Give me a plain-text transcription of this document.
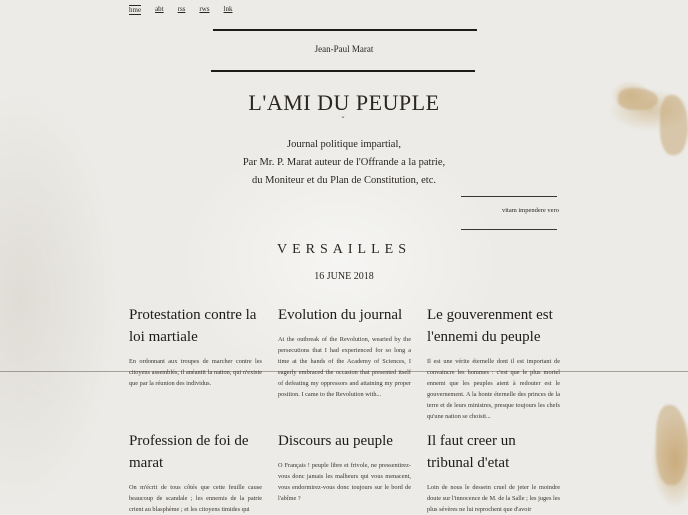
hme abt rss rws lnk
Jean-Paul Marat
L'AMI DU PEUPLE
˘
Journal politique impartial,
Par Mr. P. Marat auteur de l'Offrande a la patrie,
du Moniteur et du Plan de Constitution, etc.
vitam impendere vero
VERSAILLES
16 JUNE 2018
Protestation contre la loi martiale

En ordonnant aux troupes de marcher contre les citoyens assemblés, il anéantit la nation, qui n'existe que par la réunion des individus.

Evolution du journal

At the outbreak of the Revolution, wearied by the persecutions that I had experienced for so long a time at the hands of the Academy of Sciences, I eagerly embraced the occasion that presented itself of defeating my oppressors and attaining my proper position. I came to the Revolution with...

Le gouverenment est l'ennemi du peuple

Il est une vérite éternelle dont il est important de convaincre les hommes : c'est que le plus mortel ennemi que les peuples aient à redouter est le gouvernement. A la honte éternelle des princes de la terre et de leurs ministres, presque toujours les chefs qu'une nation se choisit...

Profession de foi de marat

On m'écrit de tous côtés que cette feuille cause beaucoup de scandale ; les ennemis de la patrie crient au blasphème ; et les citoyens timides qui

Discours au peuple

O Français ! peuple libre et frivole, ne pressentirez-vous donc jamais les malheurs qui vous menacent, vous endormirez-vous donc toujours sur le bord de l'abîme ?

Il faut creer un tribunal d'etat

Loin de nous le dessein cruel de jeter le moindre doute sur l'innocence de M. de la Salle ; les juges les plus sévères ne lui reprochent que d'avoir
